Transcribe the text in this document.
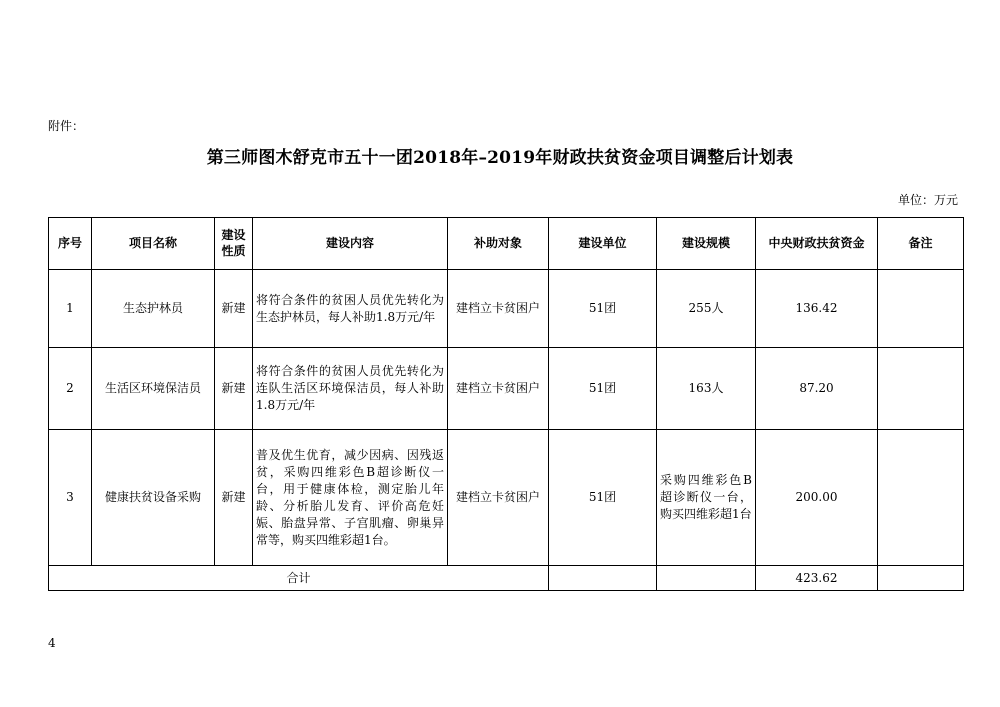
附件：
第三师图木舒克市五十一团2018年–2019年财政扶贫资金项目调整后计划表
单位：万元
序号	项目名称	建设性质	建设内容	补助对象	建设单位	建设规模	中央财政扶贫资金	备注
1	生态护林员	新建	将符合条件的贫困人员优先转化为生态护林员，每人补助1.8万元/年	建档立卡贫困户	51团	255人	136.42	
2	生活区环境保洁员	新建	将符合条件的贫困人员优先转化为连队生活区环境保洁员，每人补助1.8万元/年	建档立卡贫困户	51团	163人	87.20	
3	健康扶贫设备采购	新建	普及优生优育，减少因病、因残返贫，采购四维彩色B超诊断仪一台，用于健康体检，测定胎儿年龄、分析胎儿发育、评价高危妊娠、胎盘异常、子宫肌瘤、卵巢异常等，购买四维彩超1台。	建档立卡贫困户	51团	采购四维彩色B超诊断仪一台，购买四维彩超1台	200.00	
合计							423.62	
4
